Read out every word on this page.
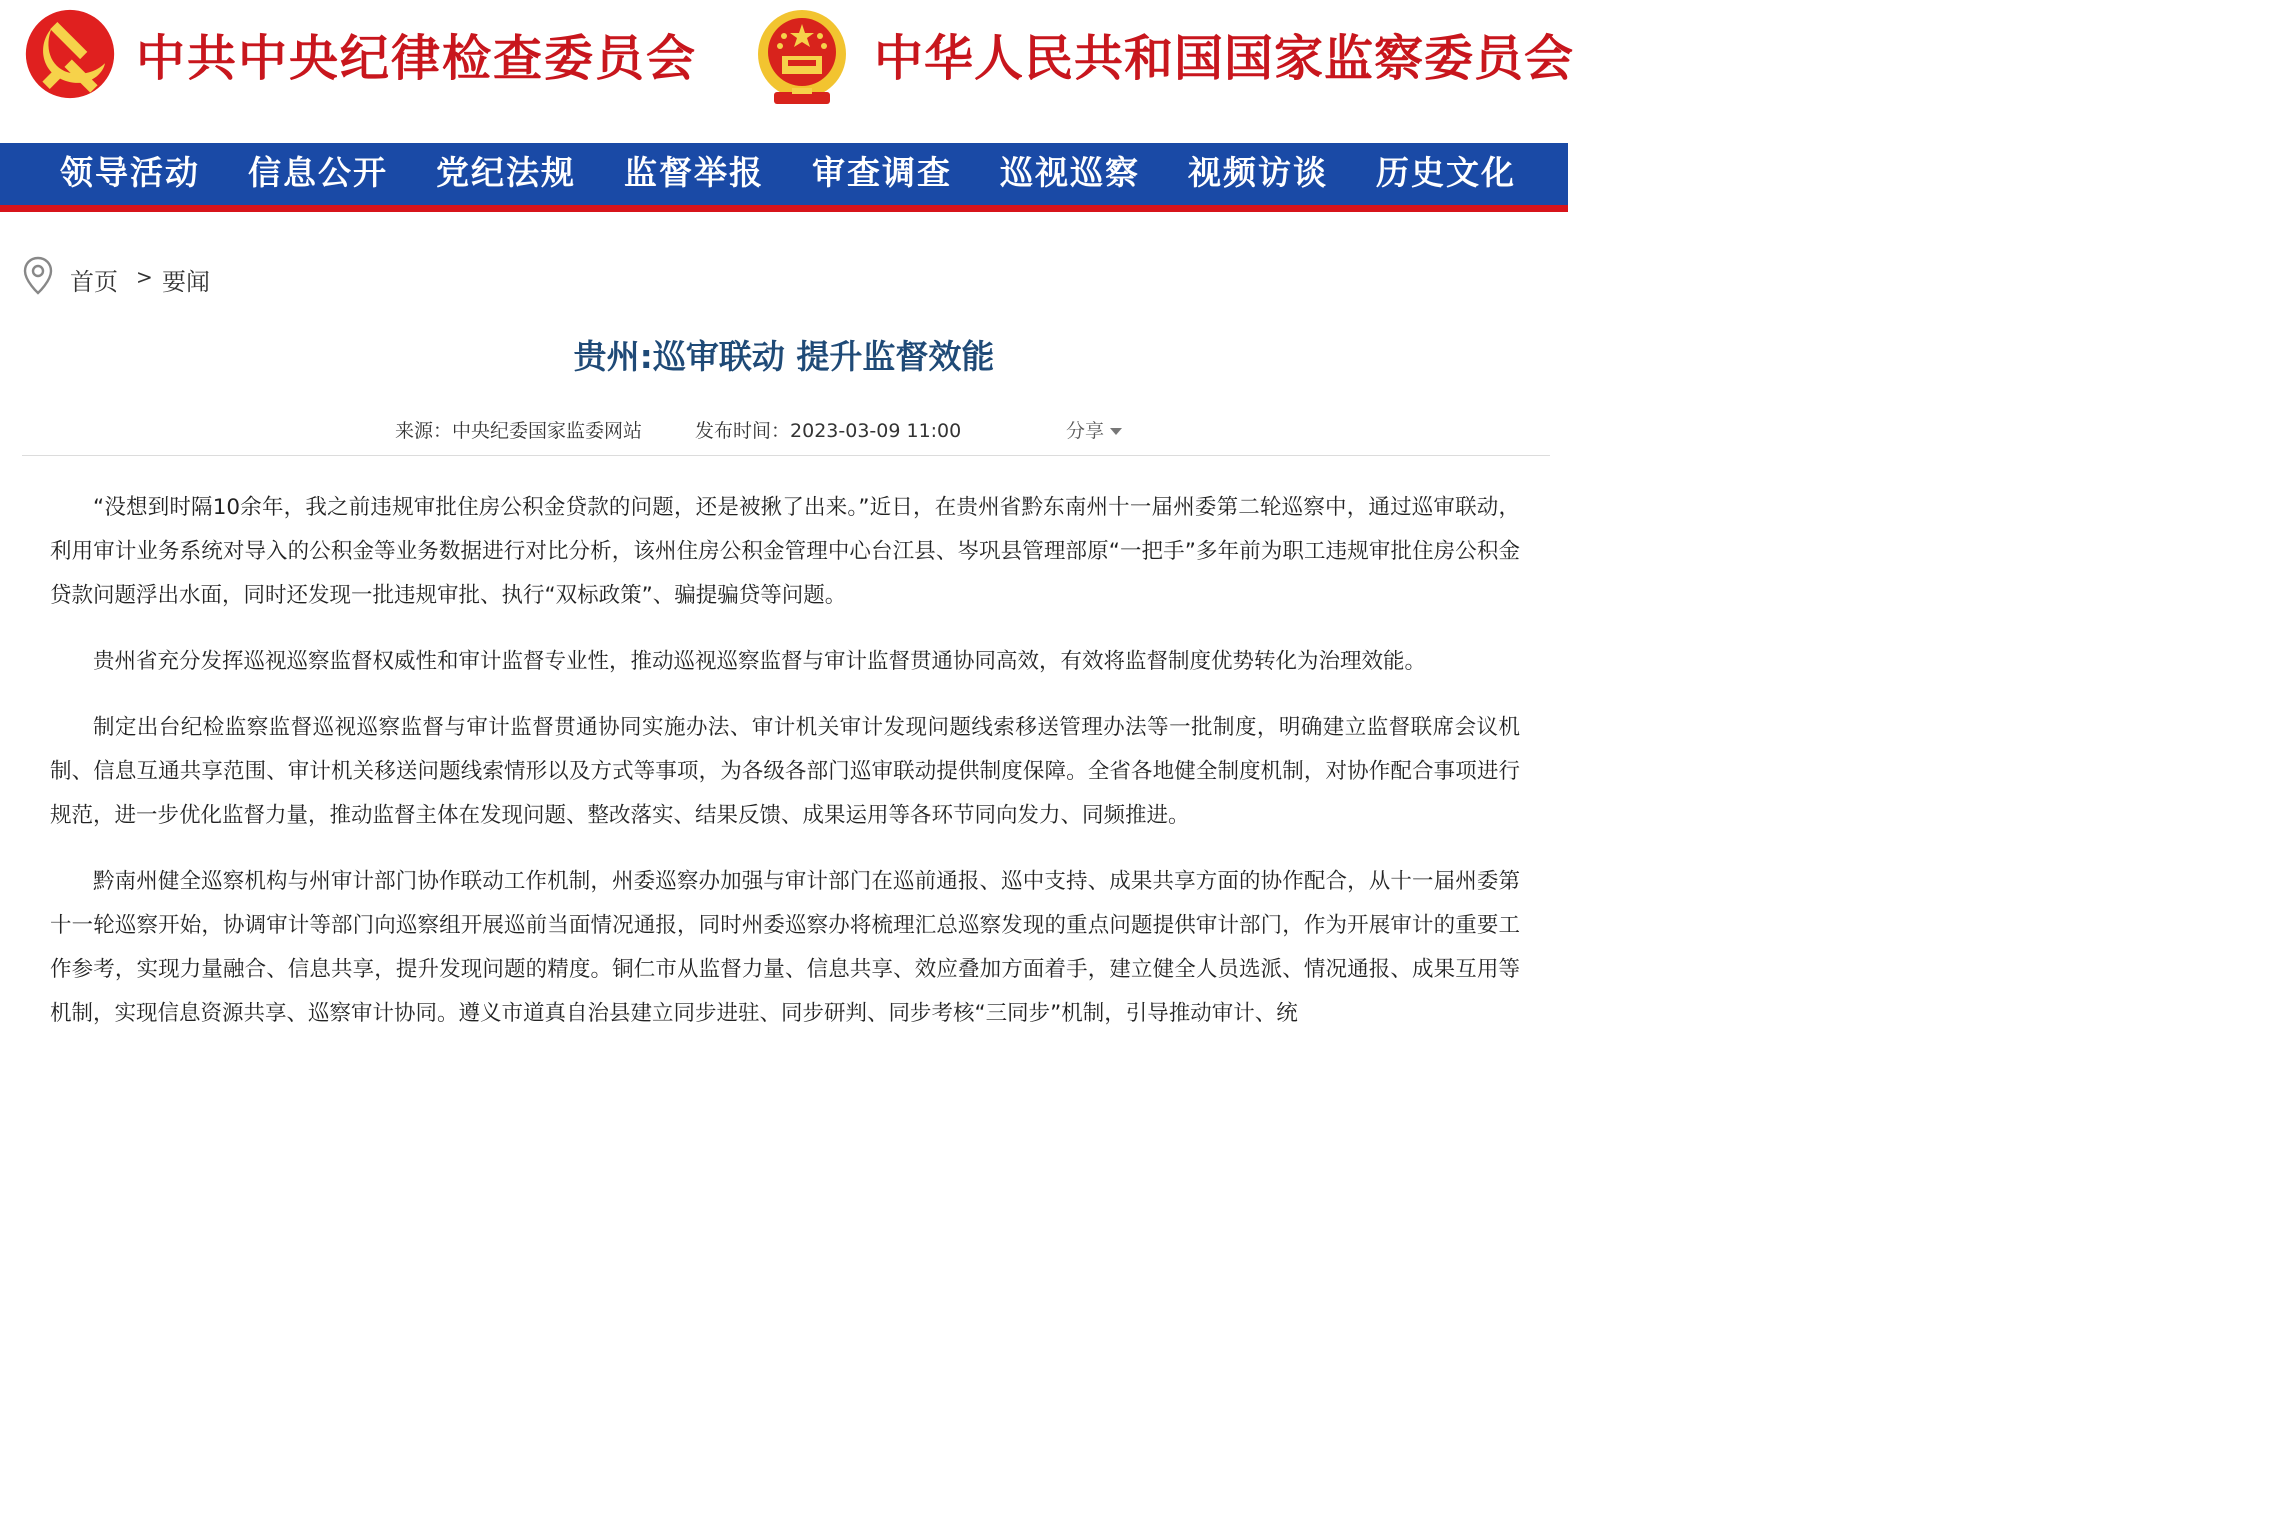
中共中央纪律检查委员会	中华人民共和国国家监察委员会
领导活动 信息公开 党纪法规 监督举报 审查调查 巡视巡察 视频访谈 历史文化
首页 > 要闻
贵州:巡审联动 提升监督效能
来源：中央纪委国家监委网站	发布时间：2023-03-09 11:00	分享

“没想到时隔10余年，我之前违规审批住房公积金贷款的问题，还是被揪了出来。”近日，在贵州省黔东南州十一届州委第二轮巡察中，通过巡审联动，利用审计业务系统对导入的公积金等业务数据进行对比分析，该州住房公积金管理中心台江县、岑巩县管理部原“一把手”多年前为职工违规审批住房公积金贷款问题浮出水面，同时还发现一批违规审批、执行“双标政策”、骗提骗贷等问题。

贵州省充分发挥巡视巡察监督权威性和审计监督专业性，推动巡视巡察监督与审计监督贯通协同高效，有效将监督制度优势转化为治理效能。

制定出台纪检监察监督巡视巡察监督与审计监督贯通协同实施办法、审计机关审计发现问题线索移送管理办法等一批制度，明确建立监督联席会议机制、信息互通共享范围、审计机关移送问题线索情形以及方式等事项，为各级各部门巡审联动提供制度保障。全省各地健全制度机制，对协作配合事项进行规范，进一步优化监督力量，推动监督主体在发现问题、整改落实、结果反馈、成果运用等各环节同向发力、同频推进。

黔南州健全巡察机构与州审计部门协作联动工作机制，州委巡察办加强与审计部门在巡前通报、巡中支持、成果共享方面的协作配合，从十一届州委第十一轮巡察开始，协调审计等部门向巡察组开展巡前当面情况通报，同时州委巡察办将梳理汇总巡察发现的重点问题提供审计部门，作为开展审计的重要工作参考，实现力量融合、信息共享，提升发现问题的精度。铜仁市从监督力量、信息共享、效应叠加方面着手，建立健全人员选派、情况通报、成果互用等机制，实现信息资源共享、巡察审计协同。遵义市道真自治县建立同步进驻、同步研判、同步考核“三同步”机制，引导推动审计、统
